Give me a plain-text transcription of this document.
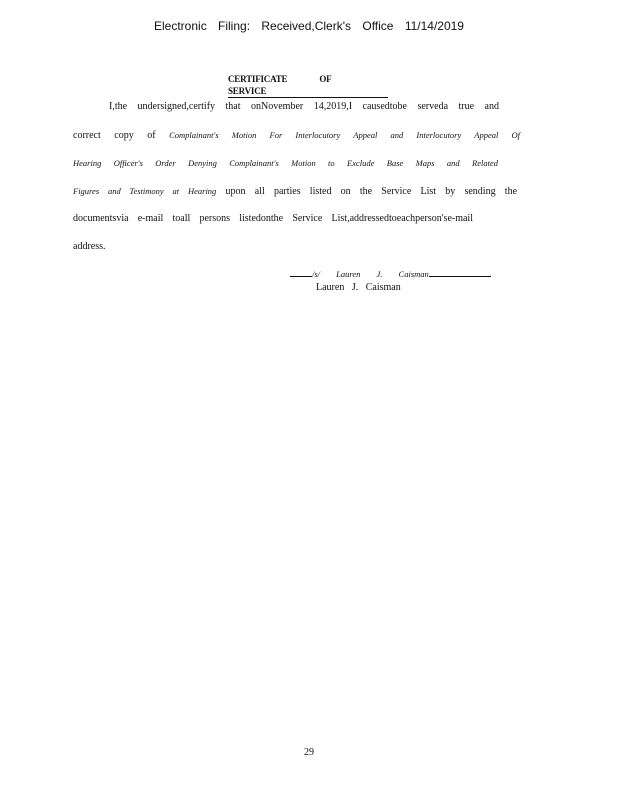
Electronic Filing: Received,Clerk's Office 11/14/2019
CERTIFICATE OF SERVICE
I,the undersigned,certify that onNovember 14,2019,I causedtobe serveda true and
correct copy of Complainant's Motion For Interlocutory Appeal and Interlocutory Appeal Of
Hearing Officer's Order Denying Complainant's Motion to Exclude Base Maps and Related
Figures and Testimony at Hearing upon all parties listed on the Service List by sending the
documentsvia e-mail toall persons listedonthe Service List,addressedtoeachperson'se-mail
address.
/s/ Lauren J. Caisman
Lauren J. Caisman
29
